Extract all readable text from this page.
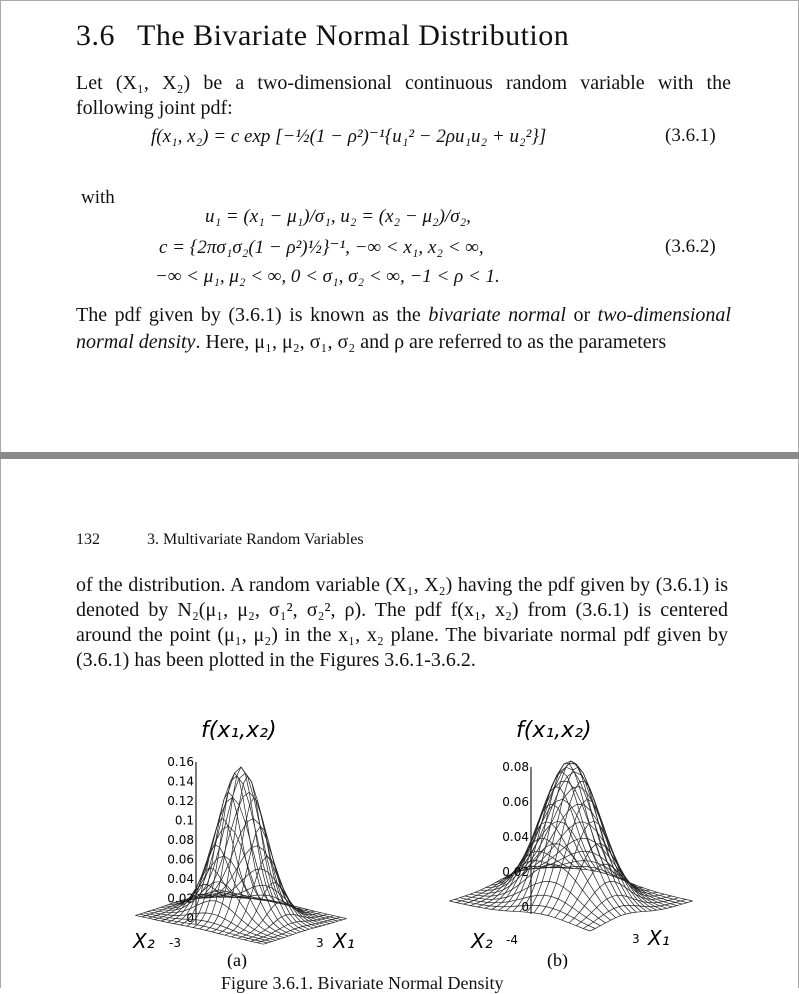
3.6 The Bivariate Normal Distribution
Let (X₁, X₂) be a two-dimensional continuous random variable with the following joint pdf:
f(x₁, x₂) = c exp [−½(1 − ρ²)⁻¹{u₁² − 2ρu₁u₂ + u₂²}]	(3.6.1)
with
u₁ = (x₁ − μ₁)/σ₁, u₂ = (x₂ − μ₂)/σ₂,
c = {2πσ₁σ₂(1 − ρ²)½}⁻¹, −∞ < x₁, x₂ < ∞,	(3.6.2)
−∞ < μ₁, μ₂ < ∞, 0 < σ₁, σ₂ < ∞, −1 < ρ < 1.
The pdf given by (3.6.1) is known as the bivariate normal or two-dimensional normal density. Here, μ₁, μ₂, σ₁, σ₂ and ρ are referred to as the parameters
132	3. Multivariate Random Variables
of the distribution. A random variable (X₁, X₂) having the pdf given by (3.6.1) is denoted by N₂(μ₁, μ₂, σ₁², σ₂², ρ). The pdf f(x₁, x₂) from (3.6.1) is centered around the point (μ₁, μ₂) in the x₁, x₂ plane. The bivariate normal pdf given by (3.6.1) has been plotted in the Figures 3.6.1-3.6.2.
f(x₁,x₂)
0.16
0.14
0.12
0.1
0.08
0.06
0.04
0.02
0
X₂ -3	3 X₁
(a)
f(x₁,x₂)
0.08
0.06
0.04
0.02
0
X₂ -4	3 X₁
(b)
Figure 3.6.1. Bivariate Normal Density
